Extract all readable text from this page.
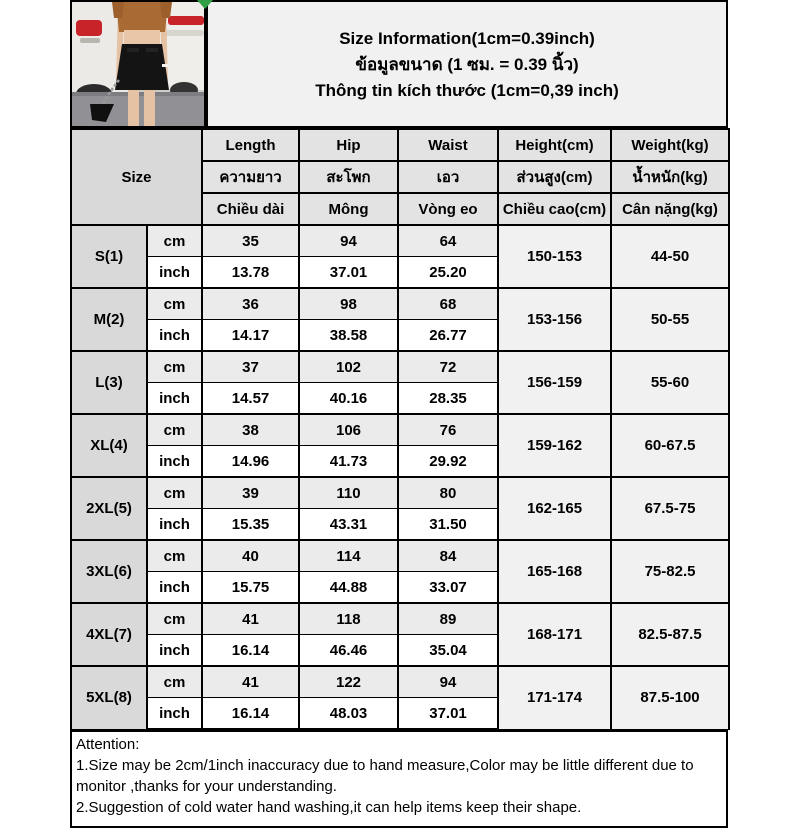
Size Information(1cm=0.39inch)
ข้อมูลขนาด (1 ซม. = 0.39 นิ้ว)
Thông tin kích thước (1cm=0,39 inch)
Size		Length	Hip	Waist	Height(cm)	Weight(kg)
		ความยาว	สะโพก	เอว	ส่วนสูง(cm)	น้ำหนัก(kg)
		Chiều dài	Mông	Vòng eo	Chiều cao(cm)	Cân nặng(kg)
S(1)	cm	35	94	64	150-153	44-50
	inch	13.78	37.01	25.20		
M(2)	cm	36	98	68	153-156	50-55
	inch	14.17	38.58	26.77		
L(3)	cm	37	102	72	156-159	55-60
	inch	14.57	40.16	28.35		
XL(4)	cm	38	106	76	159-162	60-67.5
	inch	14.96	41.73	29.92		
2XL(5)	cm	39	110	80	162-165	67.5-75
	inch	15.35	43.31	31.50		
3XL(6)	cm	40	114	84	165-168	75-82.5
	inch	15.75	44.88	33.07		
4XL(7)	cm	41	118	89	168-171	82.5-87.5
	inch	16.14	46.46	35.04		
5XL(8)	cm	41	122	94	171-174	87.5-100
	inch	16.14	48.03	37.01		
Attention:
1.Size may be 2cm/1inch inaccuracy due to hand measure,Color may be little different due to monitor ,thanks for your understanding.
2.Suggestion of cold water hand washing,it can help items keep their shape.
